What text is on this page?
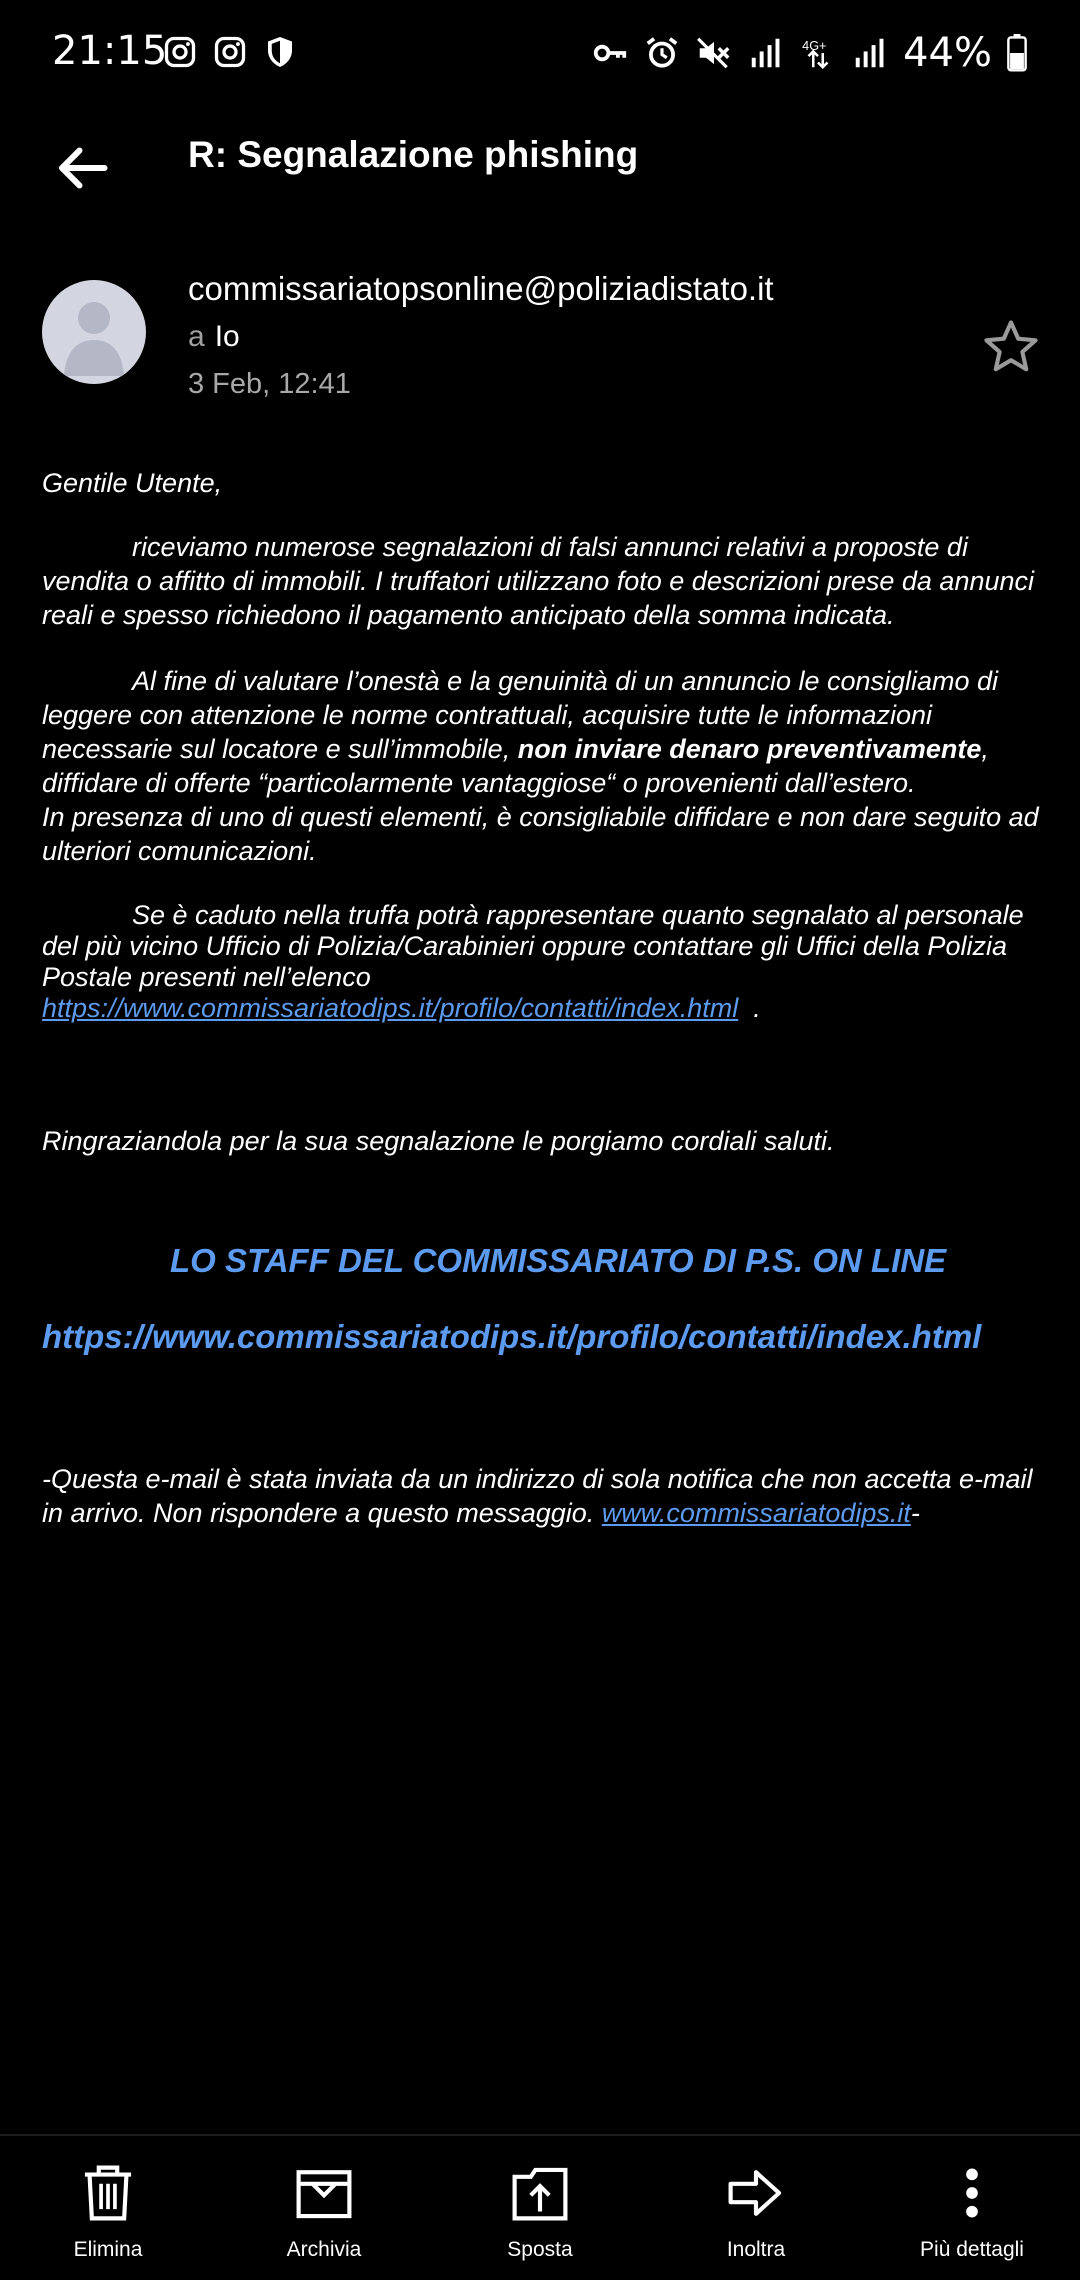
21:15	4G+ 44%
R: Segnalazione phishing
commissariatopsonline@poliziadistato.it
a Io
3 Feb, 12:41
Gentile Utente,
riceviamo numerose segnalazioni di falsi annunci relativi a proposte di vendita o affitto di immobili. I truffatori utilizzano foto e descrizioni prese da annunci reali e spesso richiedono il pagamento anticipato della somma indicata.
Al fine di valutare l’onestà e la genuinità di un annuncio le consigliamo di leggere con attenzione le norme contrattuali, acquisire tutte le informazioni necessarie sul locatore e sull’immobile, non inviare denaro preventivamente, diffidare di offerte “particolarmente vantaggiose“ o provenienti dall’estero.
In presenza di uno di questi elementi, è consigliabile diffidare e non dare seguito ad ulteriori comunicazioni.
Se è caduto nella truffa potrà rappresentare quanto segnalato al personale del più vicino Ufficio di Polizia/Carabinieri oppure contattare gli Uffici della Polizia Postale presenti nell’elenco
https://www.commissariatodips.it/profilo/contatti/index.html  .
Ringraziandola per la sua segnalazione le porgiamo cordiali saluti.
LO STAFF DEL COMMISSARIATO DI P.S. ON LINE
https://www.commissariatodips.it/profilo/contatti/index.html
-Questa e-mail è stata inviata da un indirizzo di sola notifica che non accetta e-mail in arrivo. Non rispondere a questo messaggio. www.commissariatodips.it-
Elimina	Archivia	Sposta	Inoltra	Più dettagli
